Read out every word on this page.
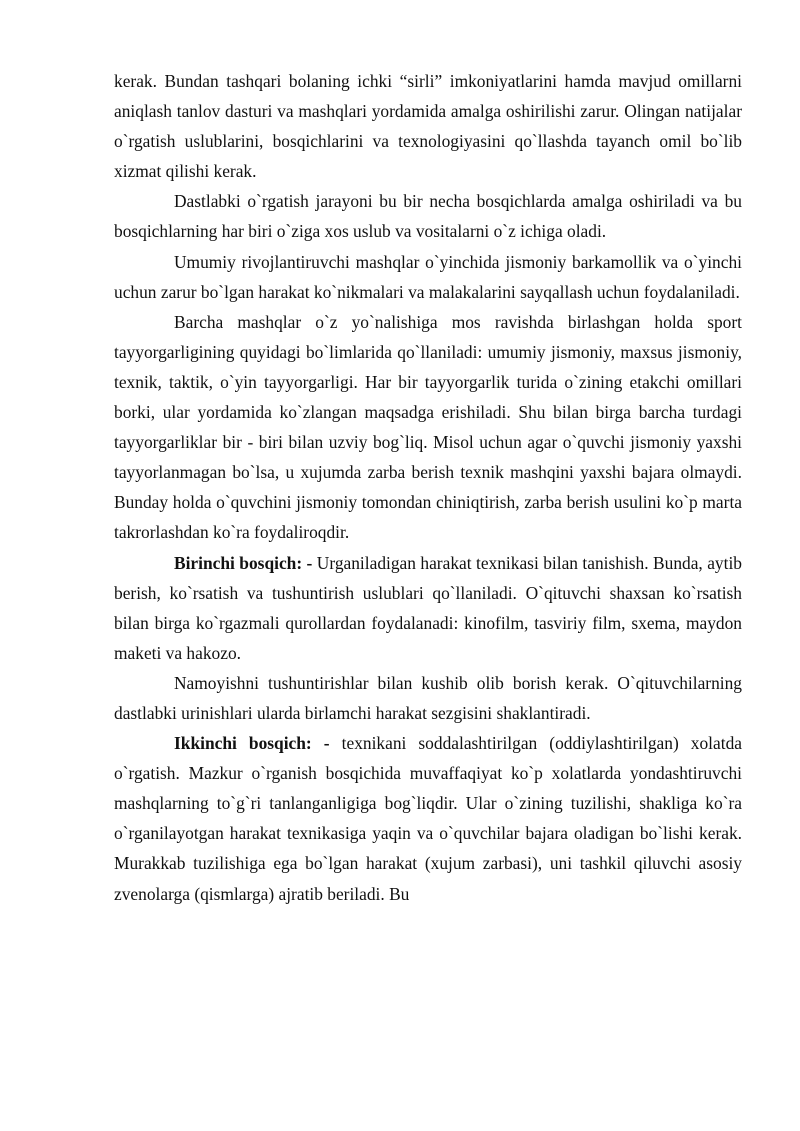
kerak. Bundan tashqari bolaning ichki “sirli” imkoniyatlarini hamda mavjud omillarni aniqlash tanlov dasturi va mashqlari yordamida amalga oshirilishi zarur. Olingan natijalar o`rgatish uslublarini, bosqichlarini va texnologiyasini qo`llashda tayanch omil bo`lib xizmat qilishi kerak.

Dastlabki o`rgatish jarayoni bu bir necha bosqichlarda amalga oshiriladi va bu bosqichlarning har biri o`ziga xos uslub va vositalarni o`z ichiga oladi.

Umumiy rivojlantiruvchi mashqlar o`yinchida jismoniy barkamollik va o`yinchi uchun zarur bo`lgan harakat ko`nikmalari va malakalarini sayqallash uchun foydalaniladi.

Barcha mashqlar o`z yo`nalishiga mos ravishda birlashgan holda sport tayyorgarligining quyidagi bo`limlarida qo`llaniladi: umumiy jismoniy, maxsus jismoniy, texnik, taktik, o`yin tayyorgarligi. Har bir tayyorgarlik turida o`zining etakchi omillari borki, ular yordamida ko`zlangan maqsadga erishiladi. Shu bilan birga barcha turdagi tayyorgarliklar bir - biri bilan uzviy bog`liq. Misol uchun agar o`quvchi jismoniy yaxshi tayyorlanmagan bo`lsa, u xujumda zarba berish texnik mashqini yaxshi bajara olmaydi. Bunday holda o`quvchini jismoniy tomondan chiniqtirish, zarba berish usulini ko`p marta takrorlashdan ko`ra foydaliroqdir.

Birinchi bosqich: - Urganiladigan harakat texnikasi bilan tanishish. Bunda, aytib berish, ko`rsatish va tushuntirish uslublari qo`llaniladi. O`qituvchi shaxsan ko`rsatish bilan birga ko`rgazmali qurollardan foydalanadi: kinofilm, tasviriy film, sxema, maydon maketi va hakozo.

Namoyishni tushuntirishlar bilan kushib olib borish kerak. O`qituvchilarning dastlabki urinishlari ularda birlamchi harakat sezgisini shaklantiradi.

Ikkinchi bosqich: - texnikani soddalashtirilgan (oddiylashtirilgan) xolatda o`rgatish. Mazkur o`rganish bosqichida muvaffaqiyat ko`p xolatlarda yondashtiruvchi mashqlarning to`g`ri tanlanganligiga bog`liqdir. Ular o`zining tuzilishi, shakliga ko`ra o`rganilayotgan harakat texnikasiga yaqin va o`quvchilar bajara oladigan bo`lishi kerak. Murakkab tuzilishiga ega bo`lgan harakat (xujum zarbasi), uni tashkil qiluvchi asosiy zvenolarga (qismlarga) ajratib beriladi. Bu
